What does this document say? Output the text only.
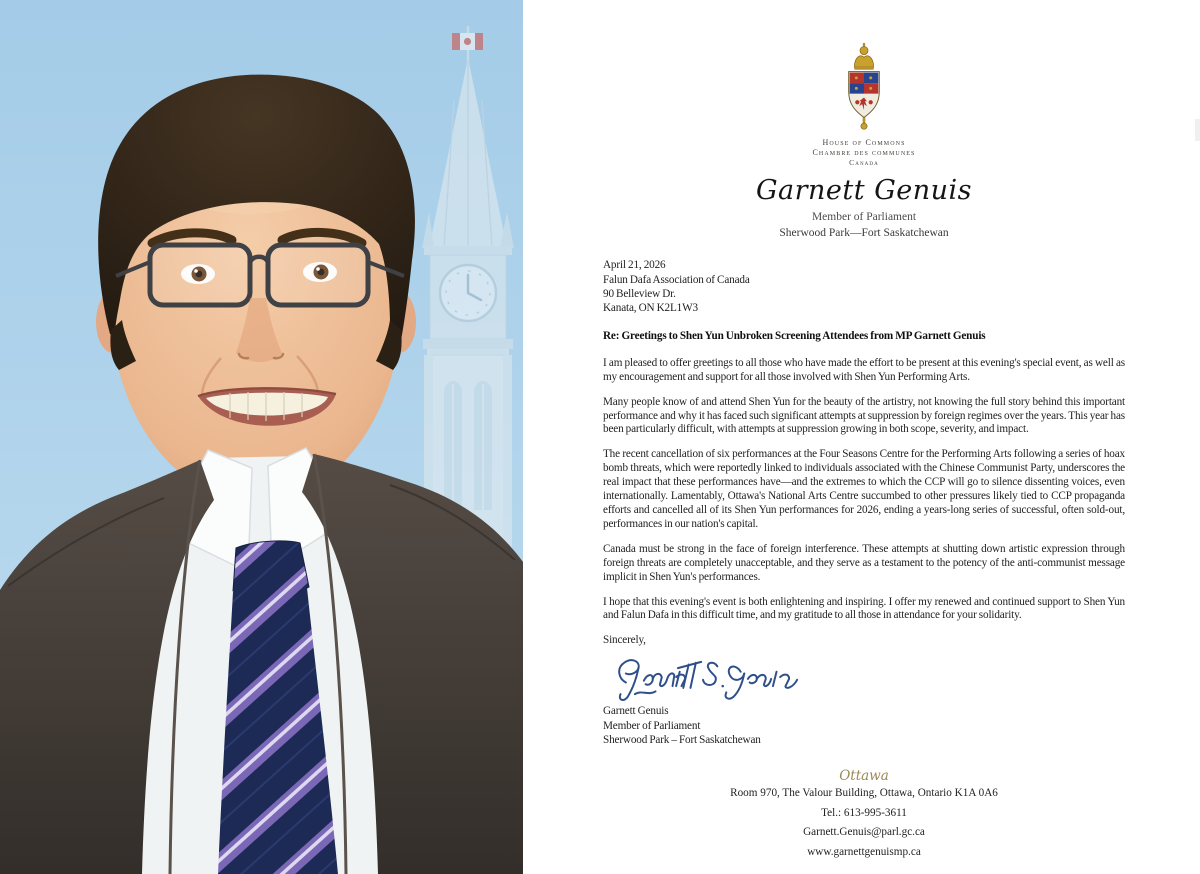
House of Commons
Chambre des communes
Canada
Garnett Genuis
Member of Parliament
Sherwood Park—Fort Saskatchewan

April 21, 2026

Falun Dafa Association of Canada
90 Belleview Dr.
Kanata, ON K2L1W3

Re: Greetings to Shen Yun Unbroken Screening Attendees from MP Garnett Genuis

I am pleased to offer greetings to all those who have made the effort to be present at this evening's special event, as well as my encouragement and support for all those involved with Shen Yun Performing Arts.

Many people know of and attend Shen Yun for the beauty of the artistry, not knowing the full story behind this important performance and why it has faced such significant attempts at suppression by foreign regimes over the years. This year has been particularly difficult, with attempts at suppression growing in both scope, severity, and impact.

The recent cancellation of six performances at the Four Seasons Centre for the Performing Arts following a series of hoax bomb threats, which were reportedly linked to individuals associated with the Chinese Communist Party, underscores the real impact that these performances have—and the extremes to which the CCP will go to silence dissenting voices, even internationally. Lamentably, Ottawa's National Arts Centre succumbed to other pressures likely tied to CCP propaganda efforts and cancelled all of its Shen Yun performances for 2026, ending a years-long series of successful, often sold-out, performances in our nation's capital.

Canada must be strong in the face of foreign interference. These attempts at shutting down artistic expression through foreign threats are completely unacceptable, and they serve as a testament to the potency of the anti-communist message implicit in Shen Yun's performances.

I hope that this evening's event is both enlightening and inspiring. I offer my renewed and continued support to Shen Yun and Falun Dafa in this difficult time, and my gratitude to all those in attendance for your solidarity.

Sincerely,

Garnett Genuis
Member of Parliament
Sherwood Park – Fort Saskatchewan
Ottawa
Room 970, The Valour Building, Ottawa, Ontario K1A 0A6
Tel.: 613-995-3611
Garnett.Genuis@parl.gc.ca
www.garnettgenuismp.ca
